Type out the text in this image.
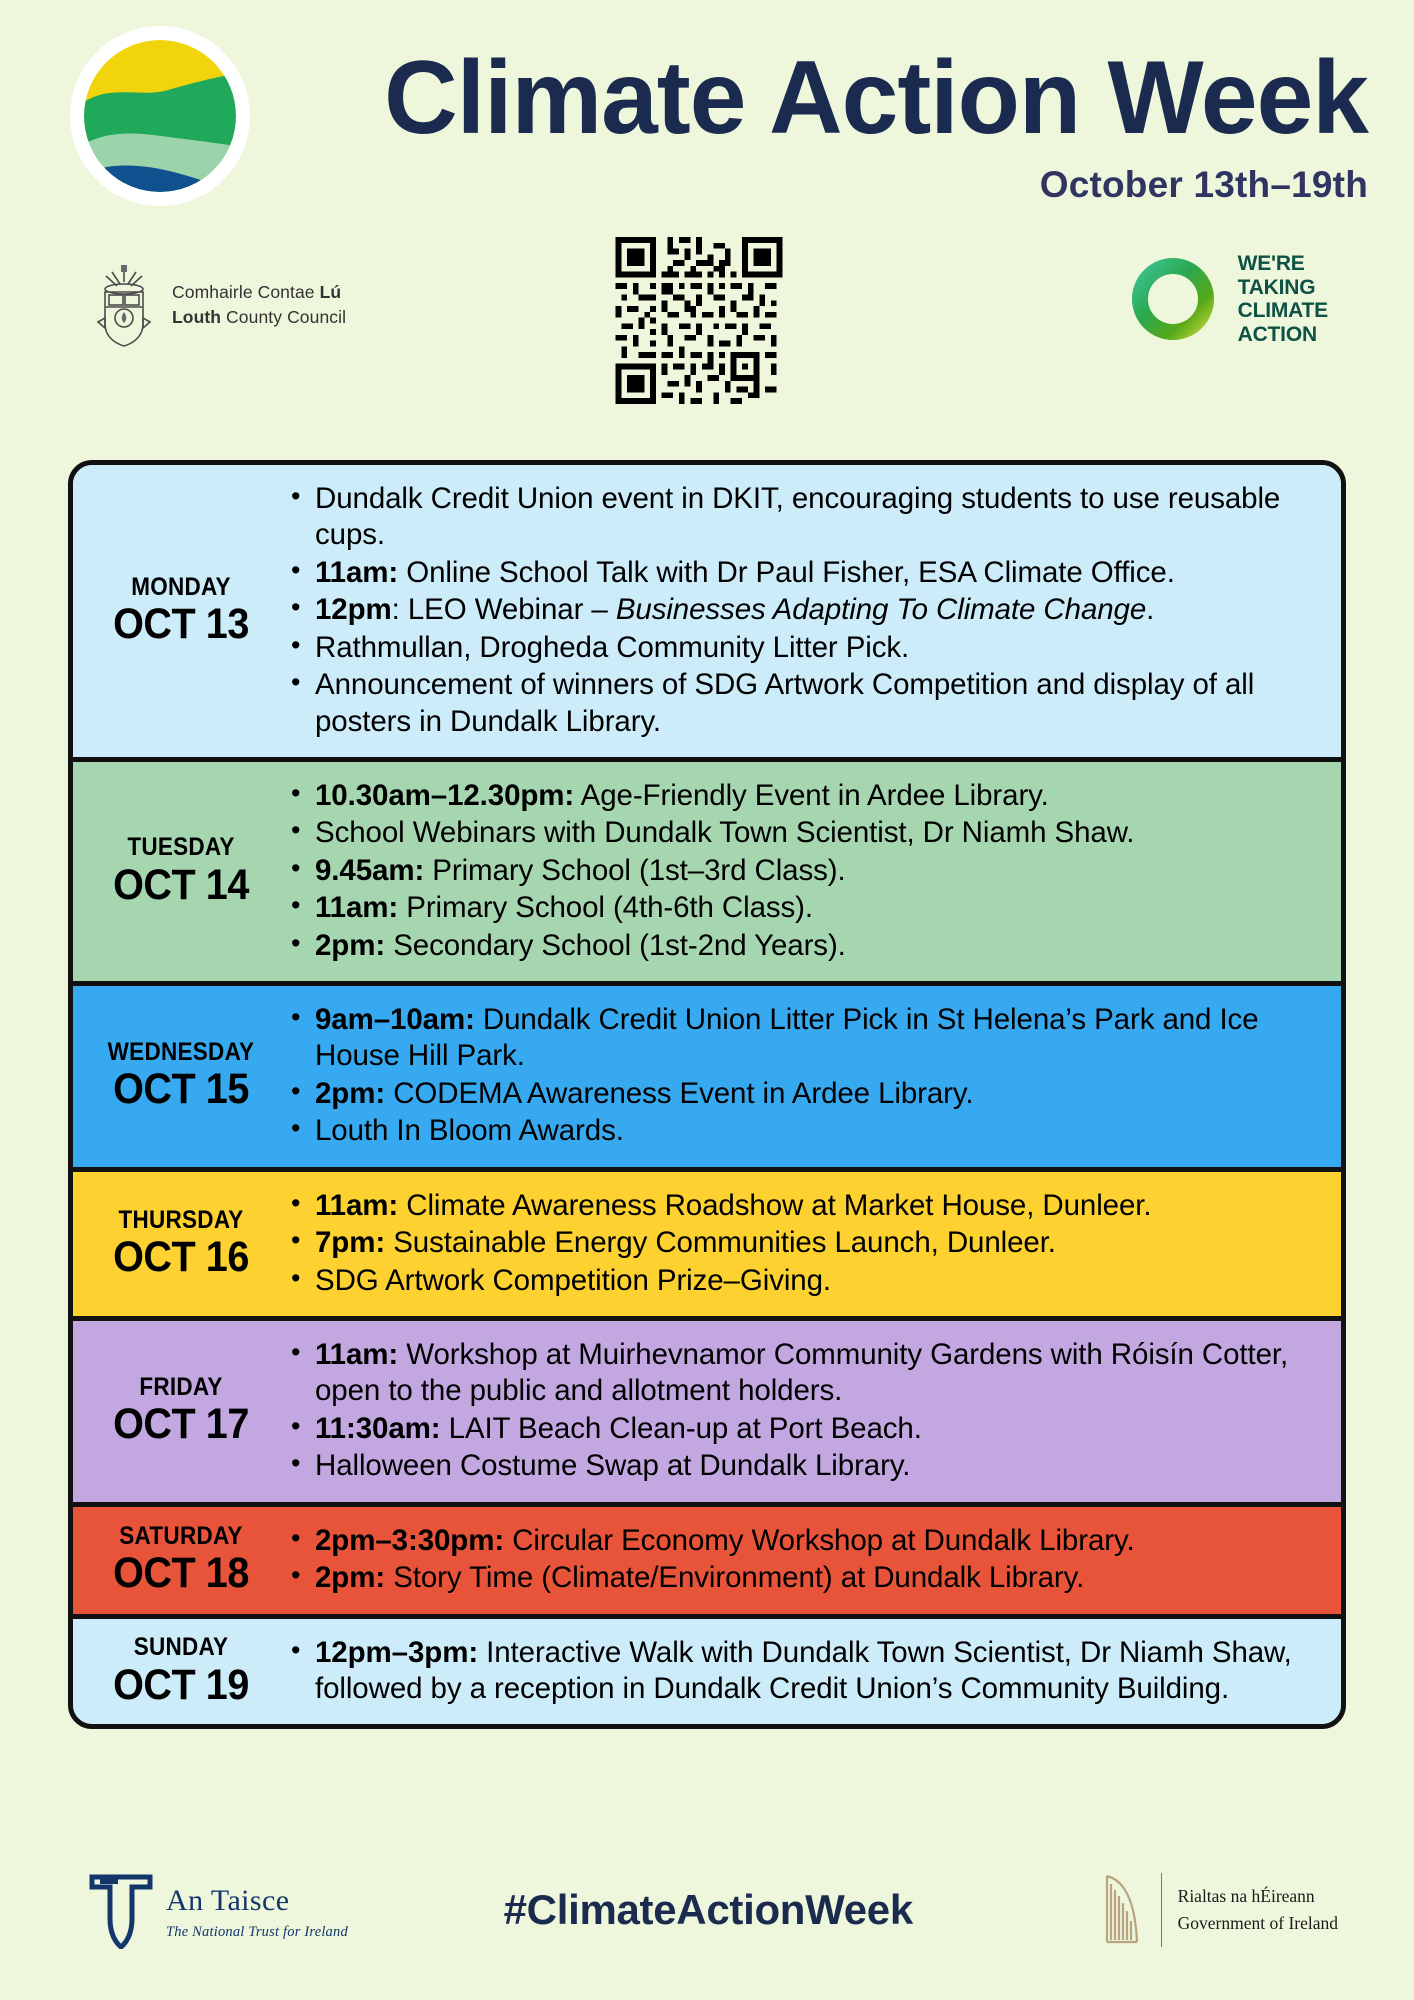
Climate Action Week
October 13th–19th
Comhairle Contae Lú
Louth County Council
WE'RE
TAKING
CLIMATE
ACTION
MONDAY
OCT 13
• Dundalk Credit Union event in DKIT, encouraging students to use reusable cups.
• 11am: Online School Talk with Dr Paul Fisher, ESA Climate Office.
• 12pm: LEO Webinar – Businesses Adapting To Climate Change.
• Rathmullan, Drogheda Community Litter Pick.
• Announcement of winners of SDG Artwork Competition and display of all posters in Dundalk Library.
TUESDAY
OCT 14
• 10.30am–12.30pm: Age-Friendly Event in Ardee Library.
• School Webinars with Dundalk Town Scientist, Dr Niamh Shaw.
• 9.45am: Primary School (1st–3rd Class).
• 11am: Primary School (4th-6th Class).
• 2pm: Secondary School (1st-2nd Years).
WEDNESDAY
OCT 15
• 9am–10am: Dundalk Credit Union Litter Pick in St Helena’s Park and Ice House Hill Park.
• 2pm: CODEMA Awareness Event in Ardee Library.
• Louth In Bloom Awards.
THURSDAY
OCT 16
• 11am: Climate Awareness Roadshow at Market House, Dunleer.
• 7pm: Sustainable Energy Communities Launch, Dunleer.
• SDG Artwork Competition Prize–Giving.
FRIDAY
OCT 17
• 11am: Workshop at Muirhevnamor Community Gardens with Róisín Cotter, open to the public and allotment holders.
• 11:30am: LAIT Beach Clean-up at Port Beach.
• Halloween Costume Swap at Dundalk Library.
SATURDAY
OCT 18
• 2pm–3:30pm: Circular Economy Workshop at Dundalk Library.
• 2pm: Story Time (Climate/Environment) at Dundalk Library.
SUNDAY
OCT 19
• 12pm–3pm: Interactive Walk with Dundalk Town Scientist, Dr Niamh Shaw, followed by a reception in Dundalk Credit Union’s Community Building.
An Taisce
The National Trust for Ireland	#ClimateActionWeek	Rialtas na hÉireann
Government of Ireland
